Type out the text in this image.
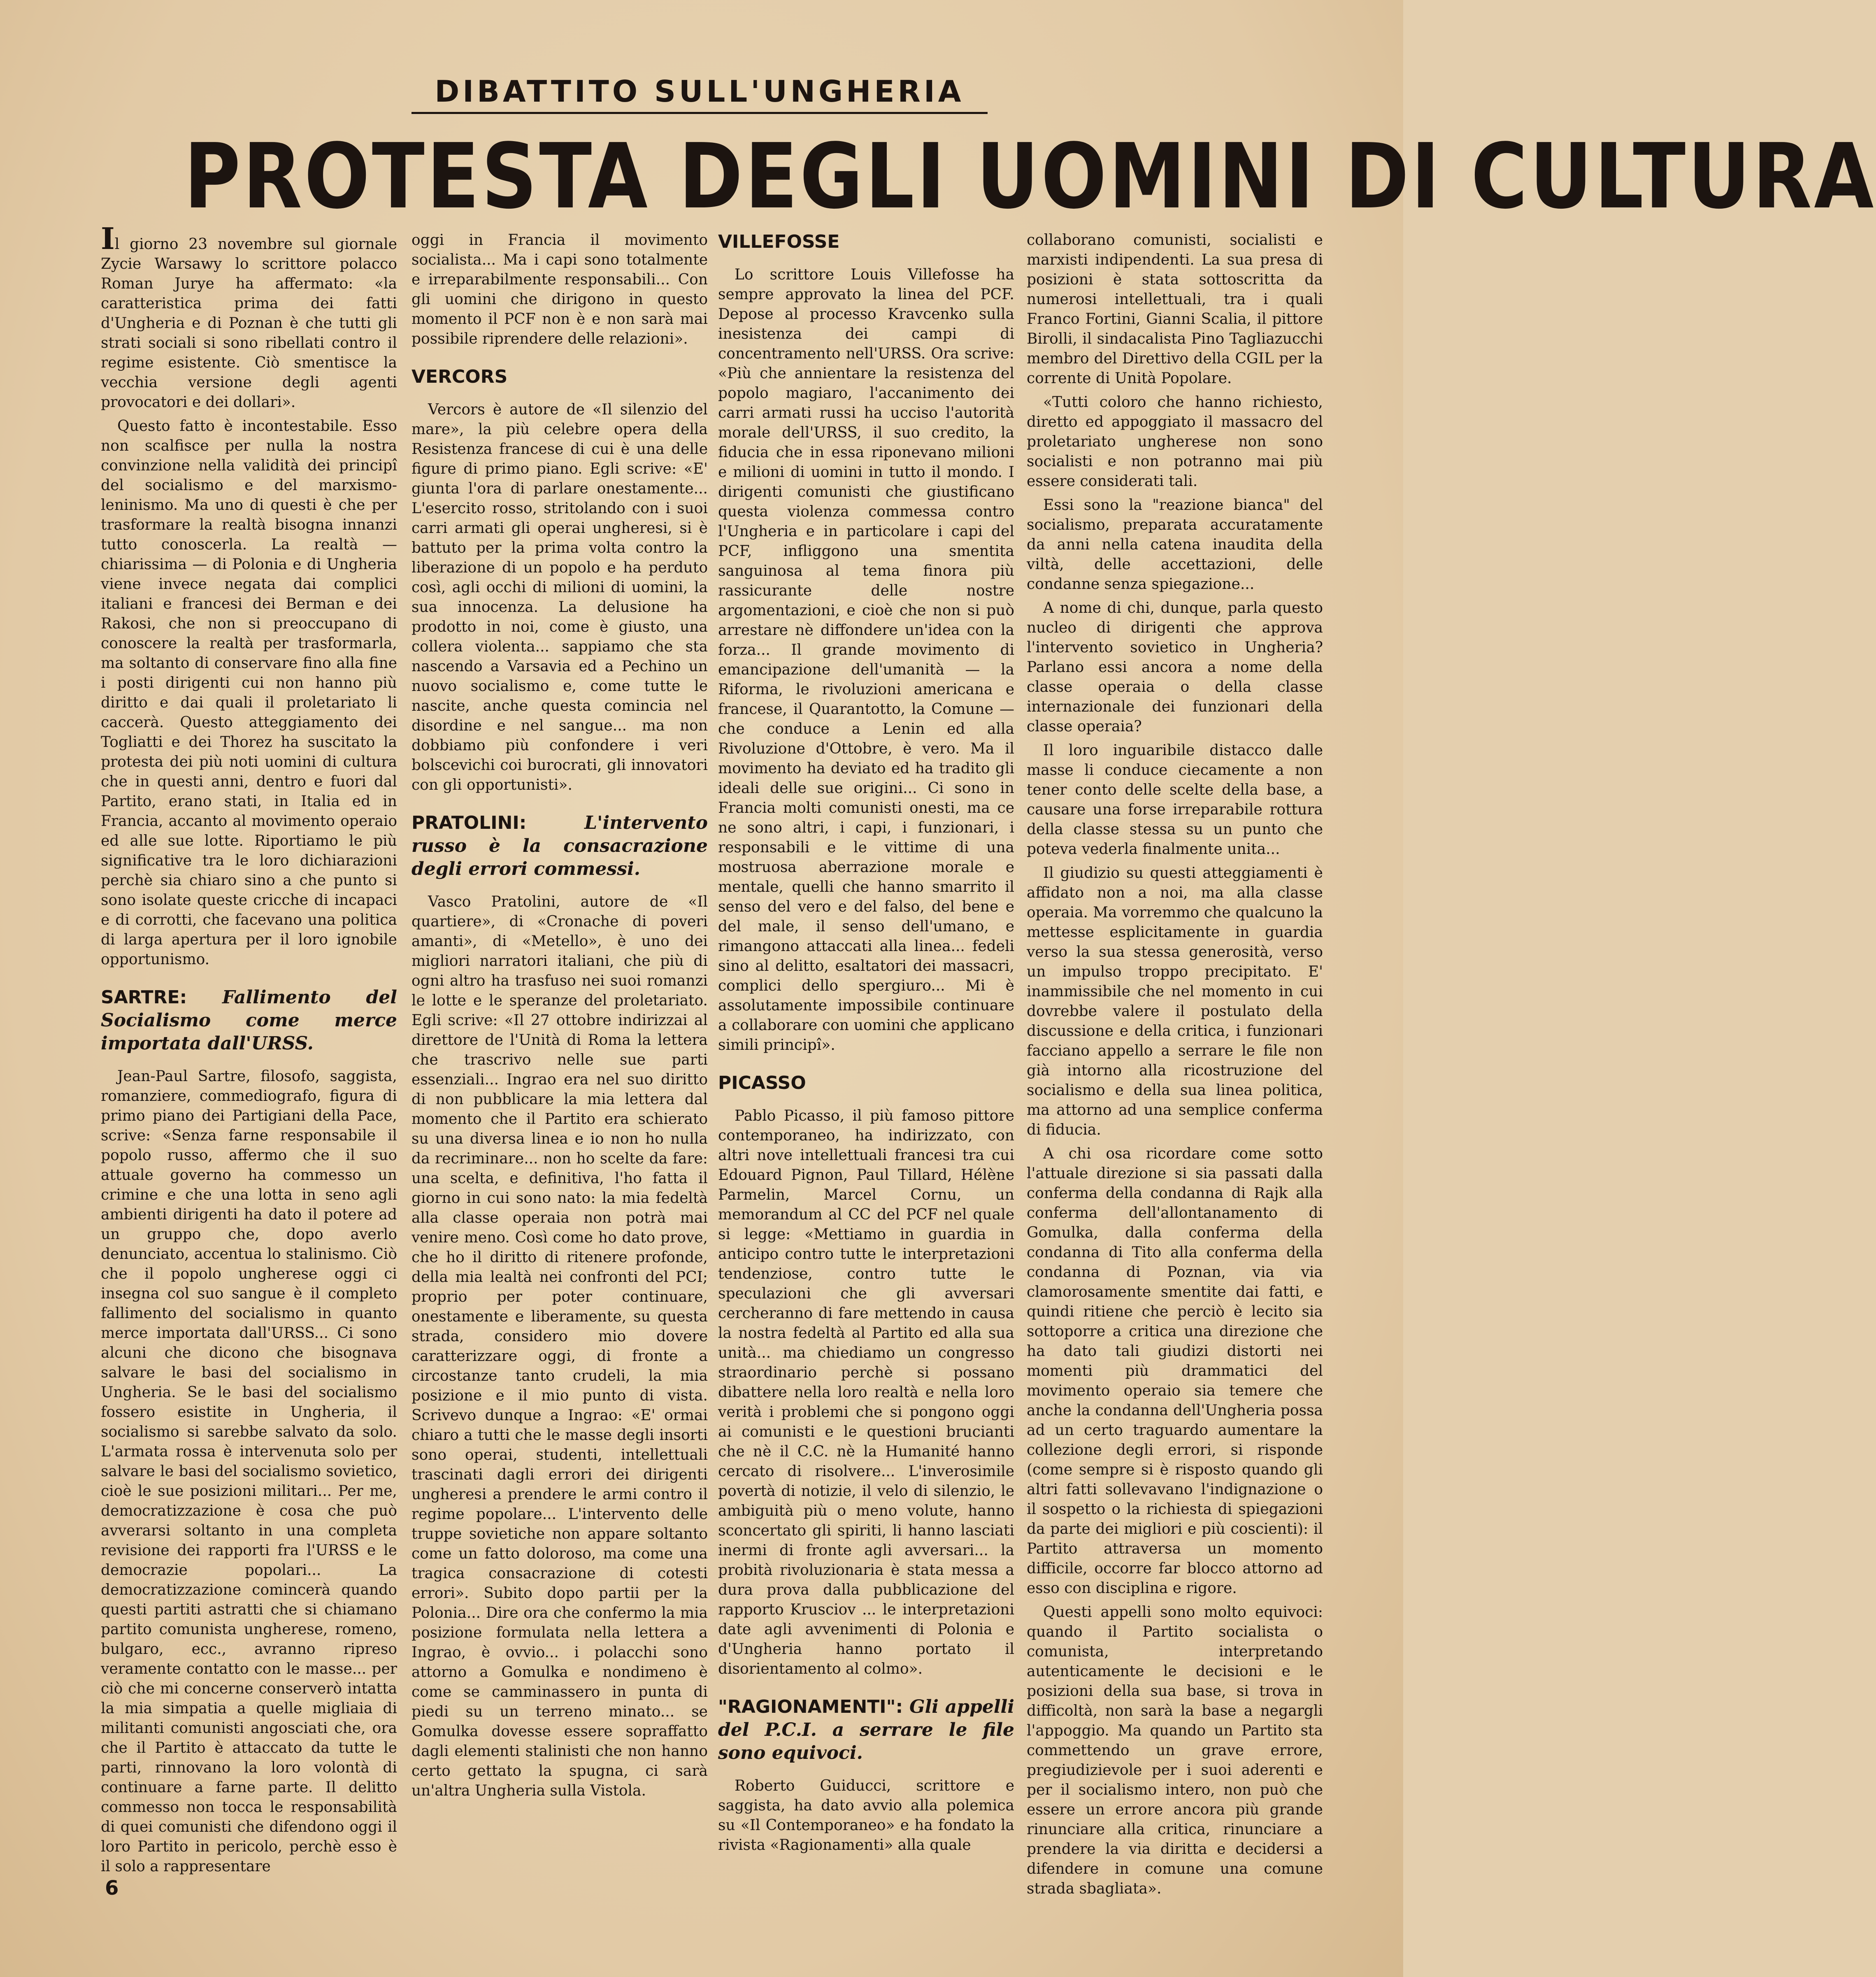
DIBATTITO SULL'UNGHERIA
PROTESTA DEGLI UOMINI DI CULTURA

Il giorno 23 novembre sul giornale Zycie Warsawy lo scrittore polacco Roman Jurye ha affermato: «la caratteristica prima dei fatti d'Ungheria e di Poznan è che tutti gli strati sociali si sono ribellati contro il regime esistente. Ciò smentisce la vecchia versione degli agenti provocatori e dei dollari».

Questo fatto è incontestabile. Esso non scalfisce per nulla la nostra convinzione nella validità dei principî del socialismo e del marxismo-leninismo. Ma uno di questi è che per trasformare la realtà bisogna innanzi tutto conoscerla. La realtà — chiarissima — di Polonia e di Ungheria viene invece negata dai complici italiani e francesi dei Berman e dei Rakosi, che non si preoccupano di conoscere la realtà per trasformarla, ma soltanto di conservare fino alla fine i posti dirigenti cui non hanno più diritto e dai quali il proletariato li caccerà. Questo atteggiamento dei Togliatti e dei Thorez ha suscitato la protesta dei più noti uomini di cultura che in questi anni, dentro e fuori dal Partito, erano stati, in Italia ed in Francia, accanto al movimento operaio ed alle sue lotte. Riportiamo le più significative tra le loro dichiarazioni perchè sia chiaro sino a che punto si sono isolate queste cricche di incapaci e di corrotti, che facevano una politica di larga apertura per il loro ignobile opportunismo.

SARTRE: Fallimento del Socialismo come merce importata dall'URSS.

Jean-Paul Sartre, filosofo, saggista, romanziere, commediografo, figura di primo piano dei Partigiani della Pace, scrive: «Senza farne responsabile il popolo russo, affermo che il suo attuale governo ha commesso un crimine e che una lotta in seno agli ambienti dirigenti ha dato il potere ad un gruppo che, dopo averlo denunciato, accentua lo stalinismo. Ciò che il popolo ungherese oggi ci insegna col suo sangue è il completo fallimento del socialismo in quanto merce importata dall'URSS... Ci sono alcuni che dicono che bisognava salvare le basi del socialismo in Ungheria. Se le basi del socialismo fossero esistite in Ungheria, il socialismo si sarebbe salvato da solo. L'armata rossa è intervenuta solo per salvare le basi del socialismo sovietico, cioè le sue posizioni militari... Per me, democratizzazione è cosa che può avverarsi soltanto in una completa revisione dei rapporti fra l'URSS e le democrazie popolari... La democratizzazione comincerà quando questi partiti astratti che si chiamano partito comunista ungherese, romeno, bulgaro, ecc., avranno ripreso veramente contatto con le masse... per ciò che mi concerne conserverò intatta la mia simpatia a quelle migliaia di militanti comunisti angosciati che, ora che il Partito è attaccato da tutte le parti, rinnovano la loro volontà di continuare a farne parte. Il delitto commesso non tocca le responsabilità di quei comunisti che difendono oggi il loro Partito in pericolo, perchè esso è il solo a rappresentare

oggi in Francia il movimento socialista... Ma i capi sono totalmente e irreparabilmente responsabili... Con gli uomini che dirigono in questo momento il PCF non è e non sarà mai possibile riprendere delle relazioni».

VERCORS

Vercors è autore de «Il silenzio del mare», la più celebre opera della Resistenza francese di cui è una delle figure di primo piano. Egli scrive: «E' giunta l'ora di parlare onestamente... L'esercito rosso, stritolando con i suoi carri armati gli operai ungheresi, si è battuto per la prima volta contro la liberazione di un popolo e ha perduto così, agli occhi di milioni di uomini, la sua innocenza. La delusione ha prodotto in noi, come è giusto, una collera violenta... sappiamo che sta nascendo a Varsavia ed a Pechino un nuovo socialismo e, come tutte le nascite, anche questa comincia nel disordine e nel sangue... ma non dobbiamo più confondere i veri bolscevichi coi burocrati, gli innovatori con gli opportunisti».

PRATOLINI:	L'intervento russo è la consacrazione degli errori commessi.

Vasco Pratolini, autore de «Il quartiere», di «Cronache di poveri amanti», di «Metello», è uno dei migliori narratori italiani, che più di ogni altro ha trasfuso nei suoi romanzi le lotte e le speranze del proletariato. Egli scrive: «Il 27 ottobre indirizzai al direttore de l'Unità di Roma la lettera che trascrivo nelle sue parti essenziali... Ingrao era nel suo diritto di non pubblicare la mia lettera dal momento che il Partito era schierato su una diversa linea e io non ho nulla da recriminare... non ho scelte da fare: una scelta, e definitiva, l'ho fatta il giorno in cui sono nato: la mia fedeltà alla classe operaia non potrà mai venire meno. Così come ho dato prove, che ho il diritto di ritenere profonde, della mia lealtà nei confronti del PCI; proprio per poter continuare, onestamente e liberamente, su questa strada, considero mio dovere caratterizzare oggi, di fronte a circostanze tanto crudeli, la mia posizione e il mio punto di vista. Scrivevo dunque a Ingrao: «E' ormai chiaro a tutti che le masse degli insorti sono operai, studenti, intellettuali trascinati dagli errori dei dirigenti ungheresi a prendere le armi contro il regime popolare... L'intervento delle truppe sovietiche non appare soltanto come un fatto doloroso, ma come una tragica consacrazione di cotesti errori». Subito dopo partii per la Polonia... Dire ora che confermo la mia posizione formulata nella lettera a Ingrao, è ovvio... i polacchi sono attorno a Gomulka e nondimeno è come se camminassero in punta di piedi su un terreno minato... se Gomulka dovesse essere sopraffatto dagli elementi stalinisti che non hanno certo gettato la spugna, ci sarà un'altra Ungheria sulla Vistola.

VILLEFOSSE

Lo scrittore Louis Villefosse ha sempre approvato la linea del PCF. Depose al processo Kravcenko sulla inesistenza dei campi di concentramento nell'URSS. Ora scrive: «Più che annientare la resistenza del popolo magiaro, l'accanimento dei carri armati russi ha ucciso l'autorità morale dell'URSS, il suo credito, la fiducia che in essa riponevano milioni e milioni di uomini in tutto il mondo. I dirigenti comunisti che giustificano questa violenza commessa contro l'Ungheria e in particolare i capi del PCF, infliggono una smentita sanguinosa al tema finora più rassicurante delle nostre argomentazioni, e cioè che non si può arrestare nè diffondere un'idea con la forza... Il grande movimento di emancipazione dell'umanità — la Riforma, le rivoluzioni americana e francese, il Quarantotto, la Comune — che conduce a Lenin ed alla Rivoluzione d'Ottobre, è vero. Ma il movimento ha deviato ed ha tradito gli ideali delle sue origini... Ci sono in Francia molti comunisti onesti, ma ce ne sono altri, i capi, i funzionari, i responsabili e le vittime di una mostruosa aberrazione morale e mentale, quelli che hanno smarrito il senso del vero e del falso, del bene e del male, il senso dell'umano, e rimangono attaccati alla linea... fedeli sino al delitto, esaltatori dei massacri, complici dello spergiuro... Mi è assolutamente impossibile continuare a collaborare con uomini che applicano simili principî».

PICASSO

Pablo Picasso, il più famoso pittore contemporaneo, ha indirizzato, con altri nove intellettuali francesi tra cui Edouard Pignon, Paul Tillard, Hélène Parmelin, Marcel Cornu, un memorandum al CC del PCF nel quale si legge: «Mettiamo in guardia in anticipo contro tutte le interpretazioni tendenziose, contro tutte le speculazioni che gli avversari cercheranno di fare mettendo in causa la nostra fedeltà al Partito ed alla sua unità... ma chiediamo un congresso straordinario perchè si possano dibattere nella loro realtà e nella loro verità i problemi che si pongono oggi ai comunisti e le questioni brucianti che nè il C.C. nè la Humanité hanno cercato di risolvere... L'inverosimile povertà di notizie, il velo di silenzio, le ambiguità più o meno volute, hanno sconcertato gli spiriti, li hanno lasciati inermi di fronte agli avversari... la probità rivoluzionaria è stata messa a dura prova dalla pubblicazione del rapporto Krusciov ... le interpretazioni date agli avvenimenti di Polonia e d'Ungheria hanno portato il disorientamento al colmo».

"RAGIONAMENTI": Gli appelli del P.C.I. a serrare le file sono equivoci.

Roberto Guiducci, scrittore e saggista, ha dato avvio alla polemica su «Il Contemporaneo» e ha fondato la rivista «Ragionamenti» alla quale

collaborano comunisti, socialisti e marxisti indipendenti. La sua presa di posizioni è stata sottoscritta da numerosi intellettuali, tra i quali Franco Fortini, Gianni Scalia, il pittore Birolli, il sindacalista Pino Tagliazucchi membro del Direttivo della CGIL per la corrente di Unità Popolare.

«Tutti coloro che hanno richiesto, diretto ed appoggiato il massacro del proletariato ungherese non sono socialisti e non potranno mai più essere considerati tali.

Essi sono la "reazione bianca" del socialismo, preparata accuratamente da anni nella catena inaudita della viltà, delle accettazioni, delle condanne senza spiegazione...

A nome di chi, dunque, parla questo nucleo di dirigenti che approva l'intervento sovietico in Ungheria? Parlano essi ancora a nome della classe operaia o della classe internazionale dei funzionari della classe operaia?

Il loro inguaribile distacco dalle masse li conduce ciecamente a non tener conto delle scelte della base, a causare una forse irreparabile rottura della classe stessa su un punto che poteva vederla finalmente unita...

Il giudizio su questi atteggiamenti è affidato non a noi, ma alla classe operaia. Ma vorremmo che qualcuno la mettesse esplicitamente in guardia verso la sua stessa generosità, verso un impulso troppo precipitato. E' inammissibile che nel momento in cui dovrebbe valere il postulato della discussione e della critica, i funzionari facciano appello a serrare le file non già intorno alla ricostruzione del socialismo e della sua linea politica, ma attorno ad una semplice conferma di fiducia.

A chi osa ricordare come sotto l'attuale direzione si sia passati dalla conferma della condanna di Rajk alla conferma dell'allontanamento di Gomulka, dalla conferma della condanna di Tito alla conferma della condanna di Poznan, via via clamorosamente smentite dai fatti, e quindi ritiene che perciò è lecito sia sottoporre a critica una direzione che ha dato tali giudizi distorti nei momenti più drammatici del movimento operaio sia temere che anche la condanna dell'Ungheria possa ad un certo traguardo aumentare la collezione degli errori, si risponde (come sempre si è risposto quando gli altri fatti sollevavano l'indignazione o il sospetto o la richiesta di spiegazioni da parte dei migliori e più coscienti): il Partito attraversa un momento difficile, occorre far blocco attorno ad esso con disciplina e rigore.

Questi appelli sono molto equivoci: quando il Partito socialista o comunista, interpretando autenticamente le decisioni e le posizioni della sua base, si trova in difficoltà, non sarà la base a negargli l'appoggio. Ma quando un Partito sta commettendo un grave errore, pregiudizievole per i suoi aderenti e per il socialismo intero, non può che essere un errore ancora più grande rinunciare alla critica, rinunciare a prendere la via diritta e decidersi a difendere in comune una comune strada sbagliata».

6
